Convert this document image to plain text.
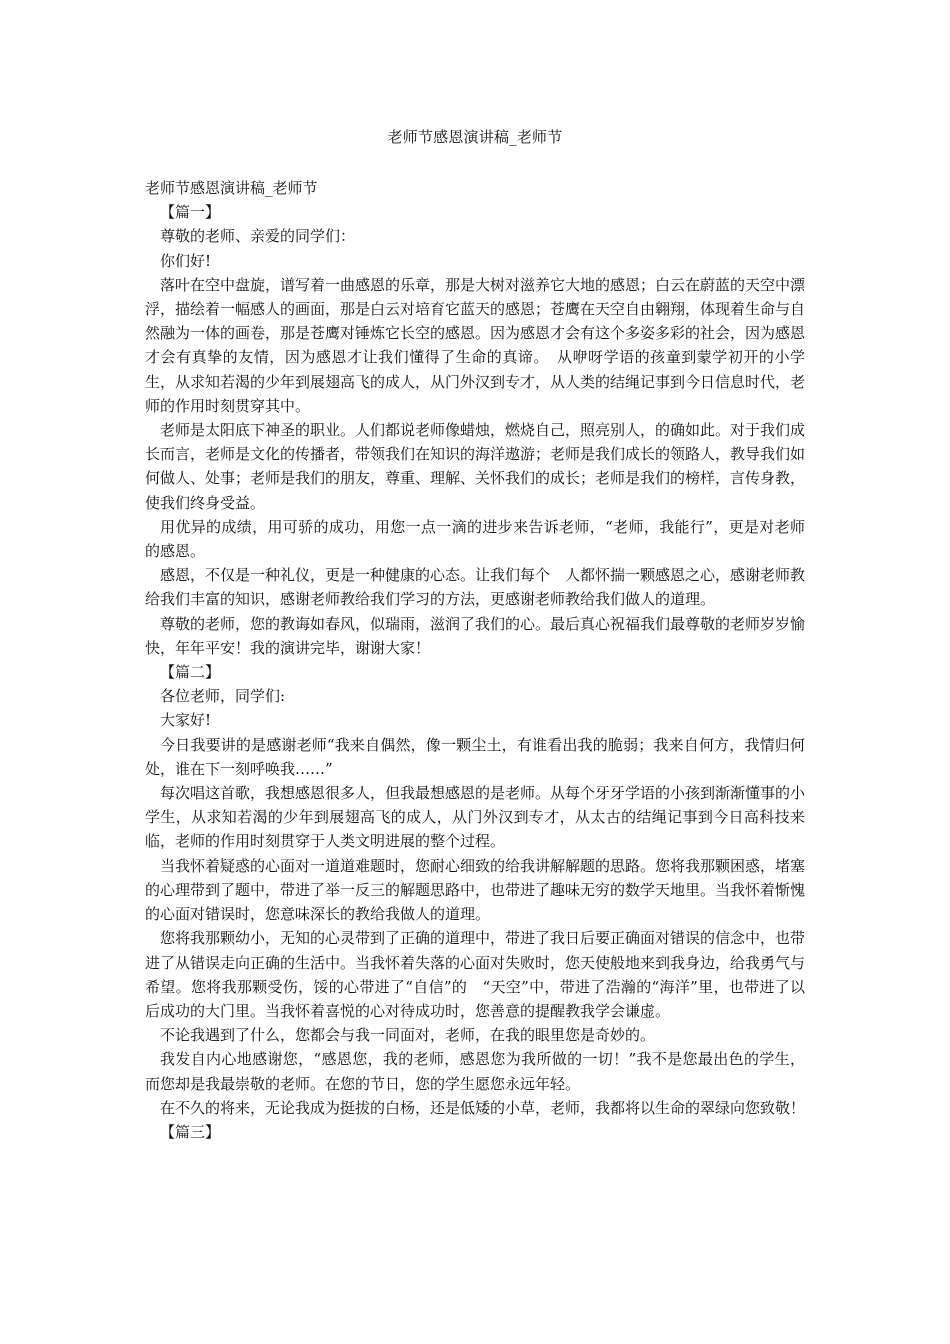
老师节感恩演讲稿_老师节

老师节感恩演讲稿_老师节

【篇一】

尊敬的老师、亲爱的同学们：

你们好!

落叶在空中盘旋，谱写着一曲感恩的乐章，那是大树对滋养它大地的感恩；白云在蔚蓝的天空中漂浮，描绘着一幅感人的画面，那是白云对培育它蓝天的感恩；苍鹰在天空自由翱翔，体现着生命与自然融为一体的画卷，那是苍鹰对锤炼它长空的感恩。因为感恩才会有这个多姿多彩的社会，因为感恩才会有真挚的友情，因为感恩才让我们懂得了生命的真谛。　从咿呀学语的孩童到蒙学初开的小学生，从求知若渴的少年到展翅高飞的成人，从门外汉到专才，从人类的结绳记事到今日信息时代，老师的作用时刻贯穿其中。

老师是太阳底下神圣的职业。人们都说老师像蜡烛，燃烧自己，照亮别人，的确如此。对于我们成长而言，老师是文化的传播者，带领我们在知识的海洋遨游；老师是我们成长的领路人，教导我们如何做人、处事；老师是我们的朋友，尊重、理解、关怀我们的成长；老师是我们的榜样，言传身教，使我们终身受益。

用优异的成绩，用可骄的成功，用您一点一滴的进步来告诉老师，“老师，我能行”，更是对老师的感恩。

感恩，不仅是一种礼仪，更是一种健康的心态。让我们每个　人都怀揣一颗感恩之心，感谢老师教给我们丰富的知识，感谢老师教给我们学习的方法，更感谢老师教给我们做人的道理。

尊敬的老师，您的教诲如春风，似瑞雨，滋润了我们的心。最后真心祝福我们最尊敬的老师岁岁愉快，年年平安！我的演讲完毕，谢谢大家！

【篇二】

各位老师，同学们:

大家好!

今日我要讲的是感谢老师“我来自偶然，像一颗尘土，有谁看出我的脆弱；我来自何方，我情归何处，谁在下一刻呼唤我……”

每次唱这首歌，我想感恩很多人，但我最想感恩的是老师。从每个牙牙学语的小孩到渐渐懂事的小学生，从求知若渴的少年到展翅高飞的成人，从门外汉到专才，从太古的结绳记事到今日高科技来临，老师的作用时刻贯穿于人类文明进展的整个过程。

当我怀着疑惑的心面对一道道难题时，您耐心细致的给我讲解解题的思路。您将我那颗困惑，堵塞的心理带到了题中，带进了举一反三的解题思路中，也带进了趣味无穷的数学天地里。当我怀着惭愧的心面对错误时，您意味深长的教给我做人的道理。

您将我那颗幼小，无知的心灵带到了正确的道理中，带进了我日后要正确面对错误的信念中，也带进了从错误走向正确的生活中。当我怀着失落的心面对失败时，您天使般地来到我身边，给我勇气与希望。您将我那颗受伤，馁的心带进了“自信”的　“天空”中，带进了浩瀚的“海洋”里，也带进了以后成功的大门里。当我怀着喜悦的心对待成功时，您善意的提醒教我学会谦虚。

不论我遇到了什么，您都会与我一同面对，老师，在我的眼里您是奇妙的。

我发自内心地感谢您，“感恩您，我的老师，感恩您为我所做的一切！”我不是您最出色的学生，而您却是我最崇敬的老师。在您的节日，您的学生愿您永远年轻。

在不久的将来，无论我成为挺拔的白杨，还是低矮的小草，老师，我都将以生命的翠绿向您致敬！

【篇三】
